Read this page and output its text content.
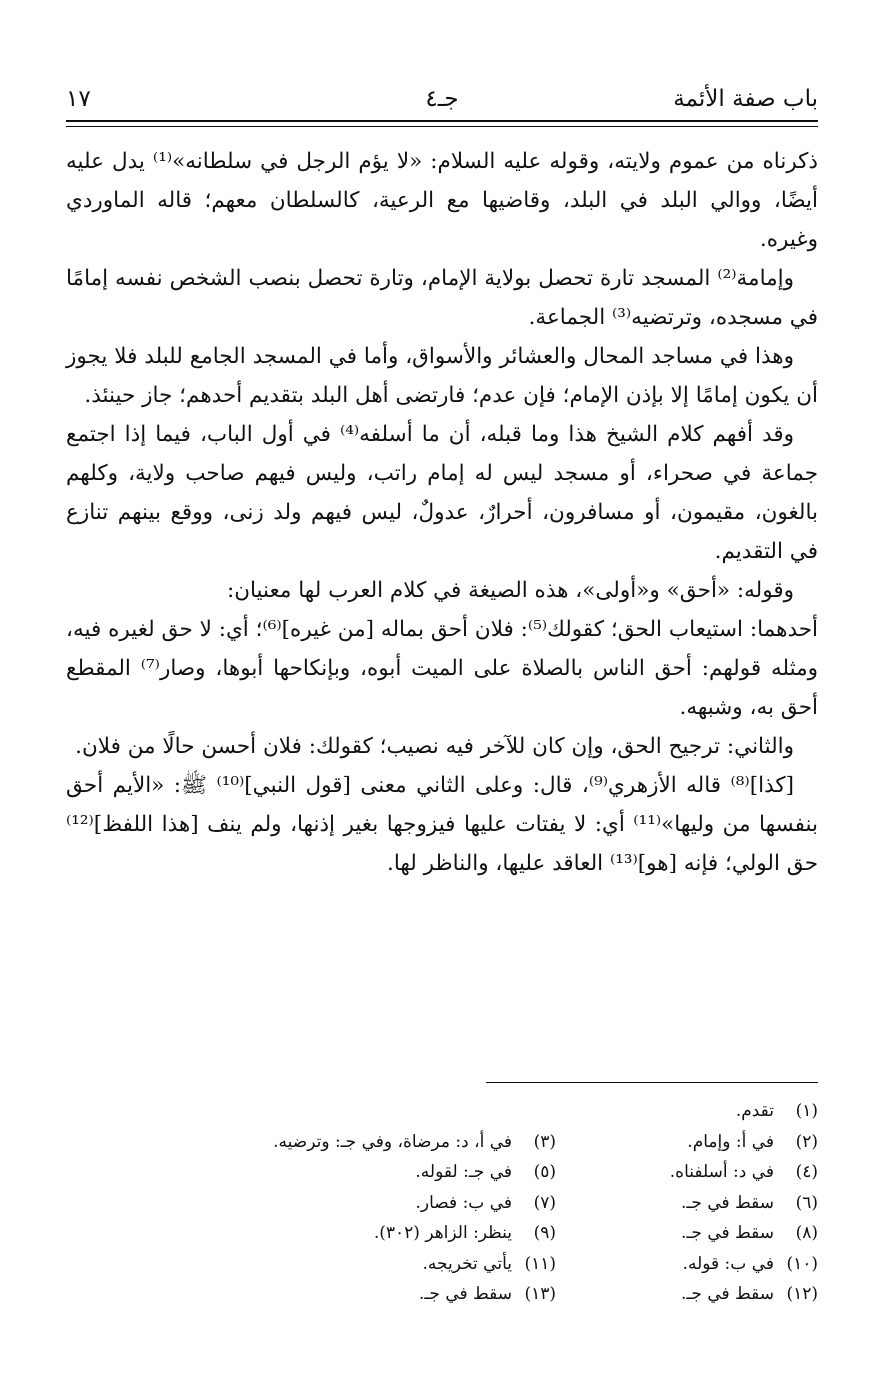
باب صفة الأئمة
جـ٤
١٧

ذكرناه من عموم ولايته، وقوله عليه السلام: «لا يؤم الرجل في سلطانه»⁽¹⁾ يدل عليه أيضًا، ووالي البلد في البلد، وقاضيها مع الرعية، كالسلطان معهم؛ قاله الماوردي وغيره.

وإمامة⁽²⁾ المسجد تارة تحصل بولاية الإمام، وتارة تحصل بنصب الشخص نفسه إمامًا في مسجده، وترتضيه⁽³⁾ الجماعة.

وهذا في مساجد المحال والعشائر والأسواق، وأما في المسجد الجامع للبلد فلا يجوز أن يكون إمامًا إلا بإذن الإمام؛ فإن عدم؛ فارتضى أهل البلد بتقديم أحدهم؛ جاز حينئذ.

وقد أفهم كلام الشيخ هذا وما قبله، أن ما أسلفه⁽⁴⁾ في أول الباب، فيما إذا اجتمع جماعة في صحراء، أو مسجد ليس له إمام راتب، وليس فيهم صاحب ولاية، وكلهم بالغون، مقيمون، أو مسافرون، أحرارٌ، عدولٌ، ليس فيهم ولد زنى، ووقع بينهم تنازع في التقديم.

وقوله: «أحق» و«أولى»، هذه الصيغة في كلام العرب لها معنيان:

أحدهما: استيعاب الحق؛ كقولك⁽⁵⁾: فلان أحق بماله [من غيره]⁽⁶⁾؛ أي: لا حق لغيره فيه، ومثله قولهم: أحق الناس بالصلاة على الميت أبوه، وبإنكاحها أبوها، وصار⁽⁷⁾ المقطع أحق به، وشبهه.

والثاني: ترجيح الحق، وإن كان للآخر فيه نصيب؛ كقولك: فلان أحسن حالًا من فلان.

[كذا]⁽⁸⁾ قاله الأزهري⁽⁹⁾، قال: وعلى الثاني معنى [قول النبي]⁽¹⁰⁾ ﷺ: «الأيم أحق بنفسها من وليها»⁽¹¹⁾ أي: لا يفتات عليها فيزوجها بغير إذنها، ولم ينف [هذا اللفظ]⁽¹²⁾ حق الولي؛ فإنه [هو]⁽¹³⁾ العاقد عليها، والناظر لها.

(١)تقدم.
(٢)في أ: وإمام.
(٣)في أ، د: مرضاة، وفي جـ: وترضيه.
(٤)في د: أسلفناه.
(٥)في جـ: لقوله.
(٦)سقط في جـ.
(٧)في ب: فصار.
(٨)سقط في جـ.
(٩)ينظر: الزاهر (٣٠٢).
(١٠)في ب: قوله.
(١١)يأتي تخريجه.
(١٢)سقط في جـ.
(١٣)سقط في جـ.
